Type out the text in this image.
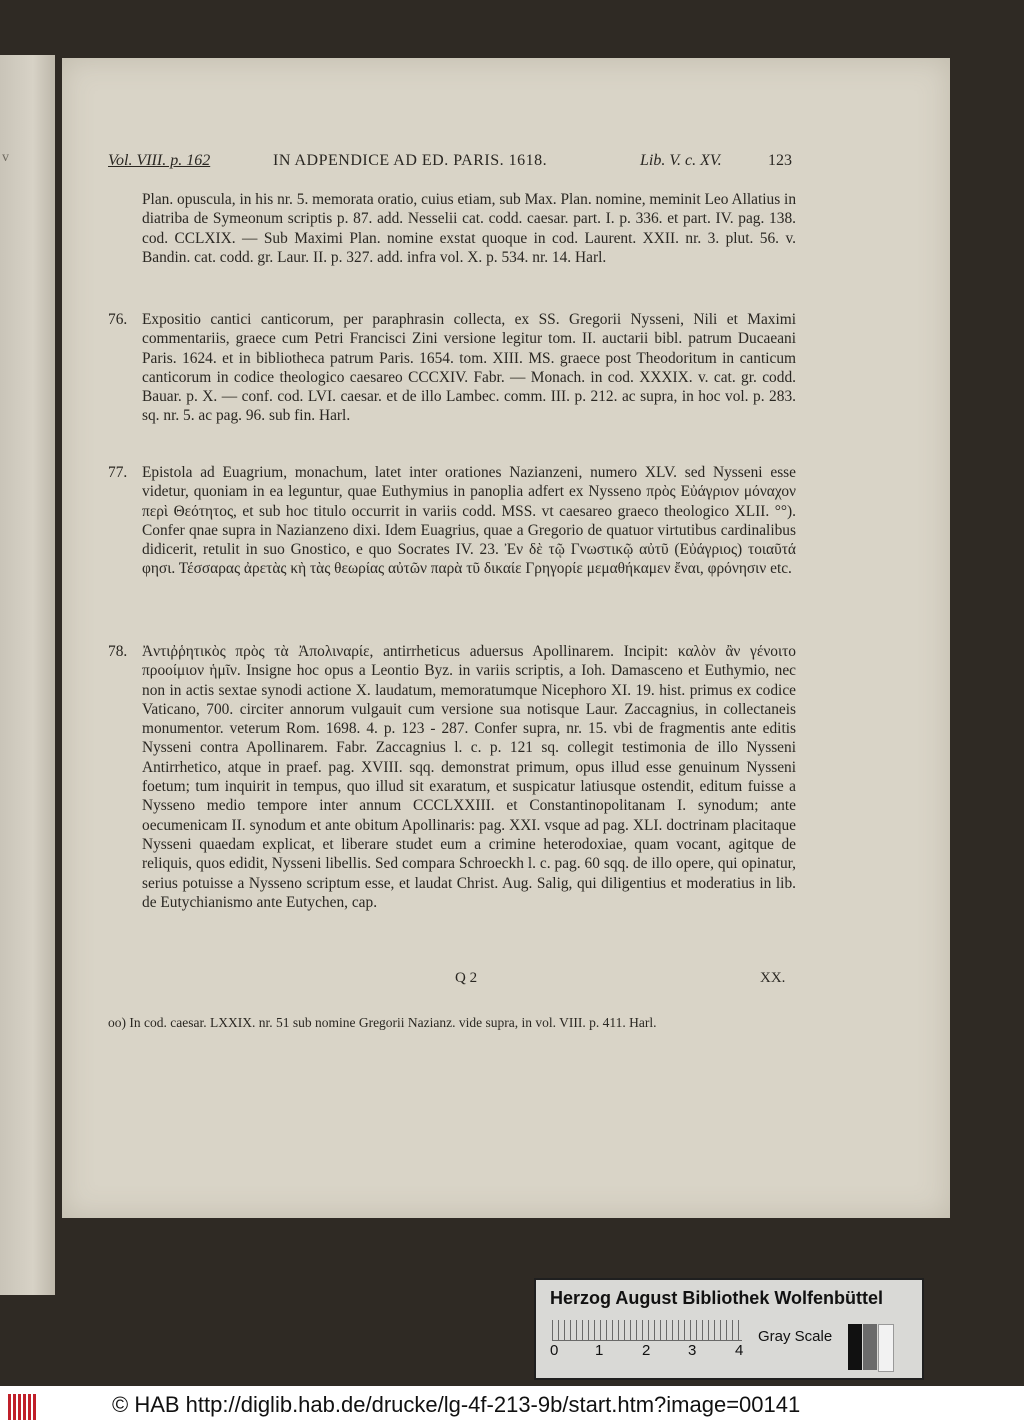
v	Vol. VIII. p. 162	IN ADPENDICE AD ED. PARIS. 1618.	Lib. V. c. XV.	123
Plan. opuscula, in his nr. 5. memorata oratio, cuius etiam, sub Max. Plan. nomine, meminit Leo Allatius in diatriba de Symeonum scriptis p. 87. add. Nesselii cat. codd. caesar. part. I. p. 336. et part. IV. pag. 138. cod. CCLXIX. — Sub Maximi Plan. nomine exstat quoque in cod. Laurent. XXII. nr. 3. plut. 56. v. Bandin. cat. codd. gr. Laur. II. p. 327. add. infra vol. X. p. 534. nr. 14. Harl.
76. Expositio cantici canticorum, per paraphrasin collecta, ex SS. Gregorii Nysseni, Nili et Maximi commentariis, graece cum Petri Francisci Zini versione legitur tom. II. auctarii bibl. patrum Ducaeani Paris. 1624. et in bibliotheca patrum Paris. 1654. tom. XIII. MS. graece post Theodoritum in canticum canticorum in codice theologico caesareo CCCXIV. Fabr. — Monach. in cod. XXXIX. v. cat. gr. codd. Bauar. p. X. — conf. cod. LVI. caesar. et de illo Lambec. comm. III. p. 212. ac supra, in hoc vol. p. 283. sq. nr. 5. ac pag. 96. sub fin. Harl.
77. Epistola ad Euagrium, monachum, latet inter orationes Nazianzeni, numero XLV. sed Nysseni esse videtur, quoniam in ea leguntur, quae Euthymius in panoplia adfert ex Nysseno πρὸς Εὐάγριον μόναχον περὶ Θεότητος, et sub hoc titulo occurrit in variis codd. MSS. vt caesareo graeco theologico XLII. °°). Confer qnae supra in Nazianzeno dixi. Idem Euagrius, quae a Gregorio de quatuor virtutibus cardinalibus didicerit, retulit in suo Gnostico, e quo Socrates IV. 23. Ἐν δὲ τῷ Γνωστικῷ αὐτῦ (Εὐάγριος) τοιαῦτά φησι. Τέσσαρας ἀρετὰς κὴ τὰς θεωρίας αὐτῶν παρὰ τῦ δικαίε Γρηγορίε μεμαθήκαμεν ἔναι, φρόνησιν etc.
78. Ἀντιῤῥητικὸς πρὸς τὰ Ἀπολιναρίε, antirrheticus aduersus Apollinarem. Incipit: καλὸν ἂν γένοιτο προοίμιον ἡμῖν. Insigne hoc opus a Leontio Byz. in variis scriptis, a Ioh. Damasceno et Euthymio, nec non in actis sextae synodi actione X. laudatum, memoratumque Nicephoro XI. 19. hist. primus ex codice Vaticano, 700. circiter annorum vulgauit cum versione sua notisque Laur. Zaccagnius, in collectaneis monumentor. veterum Rom. 1698. 4. p. 123 - 287. Confer supra, nr. 15. vbi de fragmentis ante editis Nysseni contra Apollinarem. Fabr. Zaccagnius l. c. p. 121 sq. collegit testimonia de illo Nysseni Antirrhetico, atque in praef. pag. XVIII. sqq. demonstrat primum, opus illud esse genuinum Nysseni foetum; tum inquirit in tempus, quo illud sit exaratum, et suspicatur latiusque ostendit, editum fuisse a Nysseno medio tempore inter annum CCCLXXIII. et Constantinopolitanam I. synodum; ante oecumenicam II. synodum et ante obitum Apollinaris: pag. XXI. vsque ad pag. XLI. doctrinam placitaque Nysseni quaedam explicat, et liberare studet eum a crimine heterodoxiae, quam vocant, agitque de reliquis, quos edidit, Nysseni libellis. Sed compara Schroeckh l. c. pag. 60 sqq. de illo opere, qui opinatur, serius potuisse a Nysseno scriptum esse, et laudat Christ. Aug. Salig, qui diligentius et moderatius in lib. de Eutychianismo ante Eutychen, cap.
Q 2	XX.
oo) In cod. caesar. LXXIX. nr. 51 sub nomine Gregorii Nazianz. vide supra, in vol. VIII. p. 411. Harl.
Herzog August Bibliothek Wolfenbüttel
0 1	2	3	4
Gray Scale
© HAB http://diglib.hab.de/drucke/lg-4f-213-9b/start.htm?image=00141
